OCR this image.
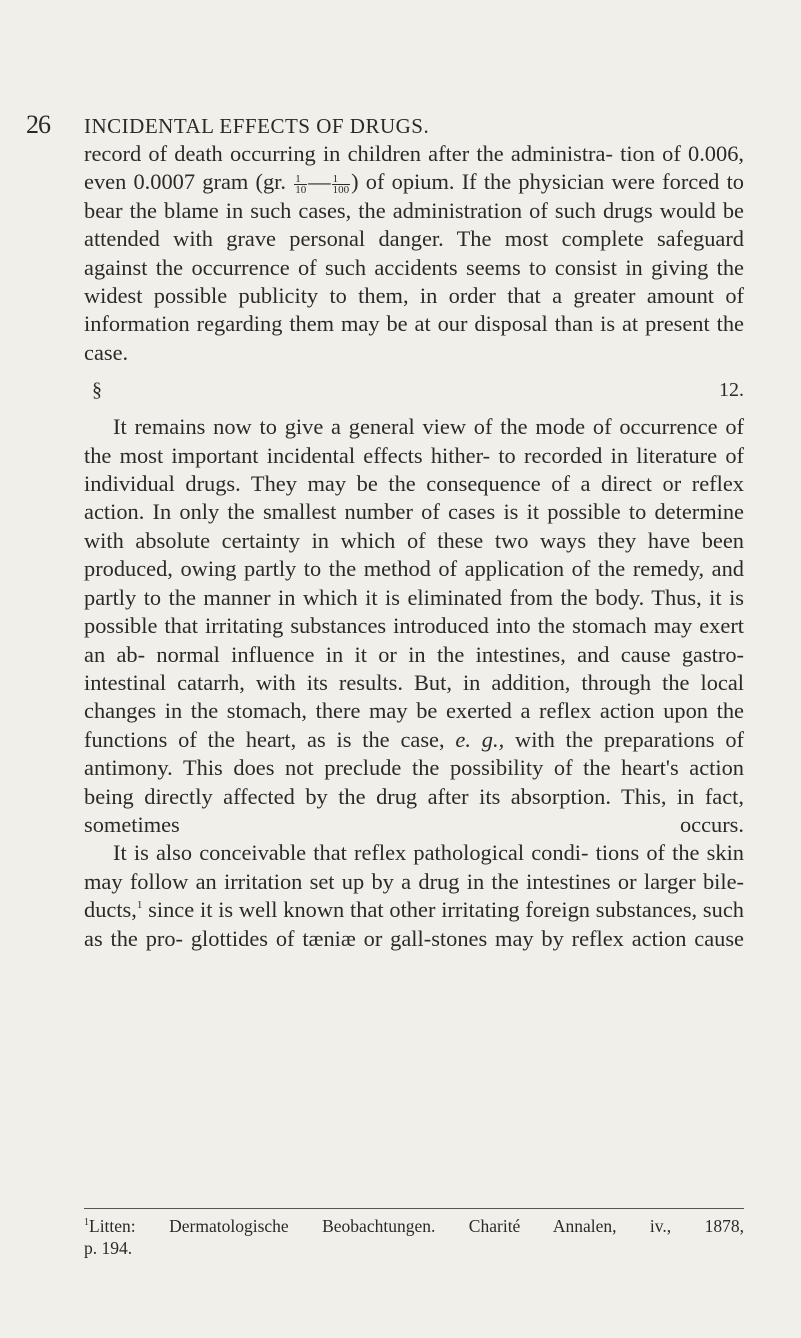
26 INCIDENTAL EFFECTS OF DRUGS.

record of death occurring in children after the administra- tion of 0.006, even 0.0007 gram (gr. $\frac{1}{10}$ — $\frac{1}{100}$ ) of opium. If the physician were forced to bear the blame in such cases, the administration of such drugs would be attended with grave personal danger. The most complete safeguard against the occurrence of such accidents seems to consist in giving the widest possible publicity to them, in order that a greater amount of information regarding them may be at our disposal than is at present the case.

§ 12.

It remains now to give a general view of the mode of occurrence of the most important incidental effects hither- to recorded in literature of individual drugs. They may be the consequence of a direct or reflex action. In only the smallest number of cases is it possible to determine with absolute certainty in which of these two ways they have been produced, owing partly to the method of application of the remedy, and partly to the manner in which it is eliminated from the body. Thus, it is possible that irritating substances introduced into the stomach may exert an ab- normal influence in it or in the intestines, and cause gastro- intestinal catarrh, with its results. But, in addition, through the local changes in the stomach, there may be exerted a reflex action upon the functions of the heart, as is the case, e. g., with the preparations of antimony. This does not preclude the possibility of the heart's action being directly affected by the drug after its absorption. This, in fact, sometimes occurs.

It is also conceivable that reflex pathological condi- tions of the skin may follow an irritation set up by a drug in the intestines or larger bile-ducts,$^1$ since it is well known that other irritating foreign substances, such as the pro- glottides of tæniæ or gall-stones may by reflex action cause

$^1$Litten: Dermatologische Beobachtungen. Charité Annalen, iv., 1878,

p. 194.
